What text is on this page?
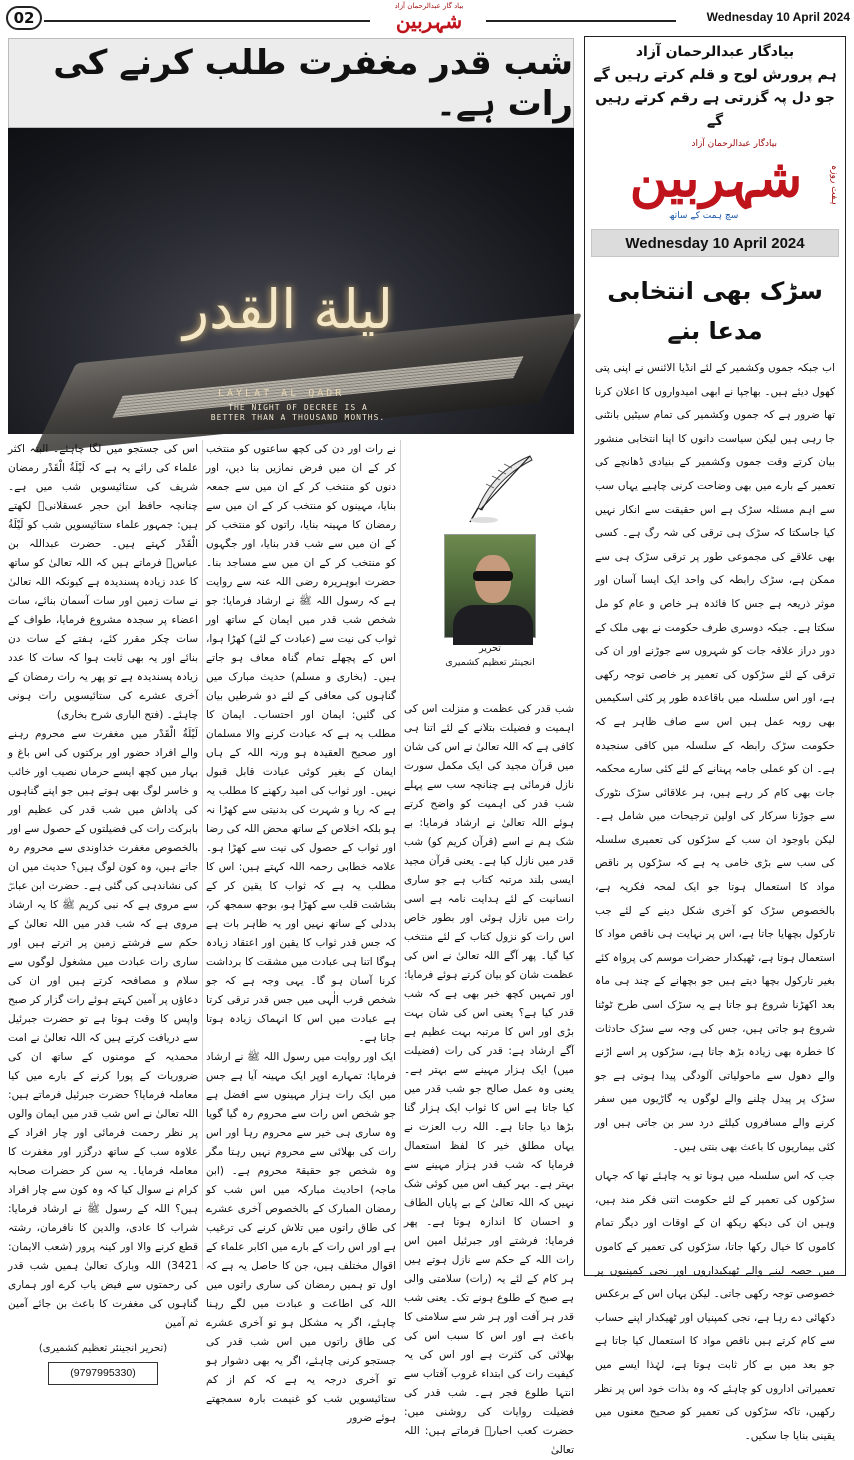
02
بیاد گار عبدالرحمان آزاد
شہربین	Wednesday 10 April 2024
شب قدر مغفرت طلب کرنے کی رات ہے۔
ليلة القدر
LAYLAT AL QADR
THE NIGHT OF DECREE IS A BETTER THAN A THOUSAND MONTHS.

اس کی جستجو میں لگا چاہئے۔ البتہ اکثر علماء کی رائے یہ ہے کہ لَیْلَةُ الْقَدْر رمضان شریف کی ستائیسویں شب میں ہے۔ چنانچہ حافظ ابن حجر عسقلانیؒ لکھتے ہیں: جمہور علماء ستائیسویں شب کو لَیْلَةُ الْقَدْر کہتے ہیں۔ حضرت عبداللہ بن عباسؓ فرماتے ہیں کہ اللہ تعالیٰ کو ساتھ کا عدد زیادہ پسندیدہ ہے کیونکہ اللہ تعالیٰ نے سات زمین اور سات آسمان بنائے، سات اعضاء پر سجدہ مشروع فرمایا، طواف کے سات چکر مقرر کئے، ہفتے کے سات دن بنائے اور یہ بھی ثابت ہوا کہ سات کا عدد زیادہ پسندیدہ ہے تو پھر یہ رات رمضان کے آخری عشرے کی ستائیسویں رات ہونی چاہئے۔ (فتح الباری شرح بخاری)

لَیْلَةُ الْقَدْر میں مغفرت سے محروم رہنے والے افراد حضور اور برکتوں کی اس باغ و بہار میں کچھ ایسے حرماں نصیب اور خائب و خاسر لوگ بھی ہوتے ہیں جو اپنے گناہوں کی پاداش میں شب قدر کی عظیم اور بابرکت رات کی فضیلتوں کے حصول سے اور بالخصوص مغفرت خداوندی سے محروم رہ جاتے ہیں، وہ کون لوگ ہیں؟ حدیث میں ان کی نشاندہی کی گئی ہے۔ حضرت ابن عباسؓ سے مروی ہے کہ نبی کریم ﷺ کا یہ ارشاد مروی ہے کہ شب قدر میں اللہ تعالیٰ کے حکم سے فرشتے زمین پر اترتے ہیں اور ساری رات عبادت میں مشغول لوگوں سے سلام و مصافحہ کرتے ہیں اور ان کی دعاؤں پر آمین کہتے ہوئے رات گزار کر صبح واپس کا وقت ہوتا ہے تو حضرت جبرئیل سے دریافت کرتے ہیں کہ اللہ تعالیٰ نے امت محمدیہ کے مومنوں کے ساتھ ان کی ضروریات کے پورا کرنے کے بارے میں کیا معاملہ فرمایا؟ حضرت جبرئیل فرماتے ہیں: اللہ تعالیٰ نے اس شب قدر میں ایمان والوں پر نظر رحمت فرمائی اور چار افراد کے علاوہ سب کے ساتھ درگزر اور مغفرت کا معاملہ فرمایا۔ یہ سن کر حضرات صحابہ کرام نے سوال کیا کہ وہ کون سے چار افراد ہیں؟ اللہ کے رسول ﷺ نے ارشاد فرمایا: شراب کا عادی، والدین کا نافرمان، رشتہ قطع کرنے والا اور کینہ پرور (شعب الایمان: 3421) اللہ وبارک تعالیٰ ہمیں شب قدر کی رحمتوں سے فیض یاب کرے اور ہماری گناہوں کی مغفرت کا باعث بن جائے آمین ثم آمین

(تحریر انجینئر تعظیم کشمیری)
(9797995330)

نے رات اور دن کی کچھ ساعتوں کو منتخب کر کے ان میں فرض نمازیں بنا دیں، اور دنوں کو منتخب کر کے ان میں سے جمعہ بنایا، مہینوں کو منتخب کر کے ان میں سے رمضان کا مہینہ بنایا، راتوں کو منتخب کر کے ان میں سے شب قدر بنایا، اور جگہوں کو منتخب کر کے ان میں سے مساجد بنا۔ حضرت ابوہریرہ رضی اللہ عنہ سے روایت ہے کہ رسول اللہ ﷺ نے ارشاد فرمایا: جو شخص شب قدر میں ایمان کے ساتھ اور ثواب کی نیت سے (عبادت کے لئے) کھڑا ہوا، اس کے پچھلے تمام گناہ معاف ہو جاتے ہیں۔ (بخاری و مسلم) حدیث مبارک میں گناہوں کی معافی کے لئے دو شرطیں بیان کی گئیں: ایمان اور احتساب۔ ایمان کا مطلب یہ ہے کہ عبادت کرنے والا مسلمان اور صحیح العقیدہ ہو ورنہ اللہ کے ہاں ایمان کے بغیر کوئی عبادت قابل قبول نہیں۔ اور ثواب کی امید رکھنے کا مطلب یہ ہے کہ ریا و شہرت کی بدنیتی سے کھڑا نہ ہو بلکہ اخلاص کے ساتھ محض اللہ کی رضا اور ثواب کے حصول کی نیت سے کھڑا ہو۔ علامہ خطابی رحمہ اللہ کہتے ہیں: اس کا مطلب یہ ہے کہ ثواب کا یقین کر کے بشاشت قلب سے کھڑا ہو، بوجھ سمجھ کر، بددلی کے ساتھ نہیں اور یہ ظاہر بات ہے کہ جس قدر ثواب کا یقین اور اعتقاد زیادہ ہوگا اتنا ہی عبادت میں مشقت کا برداشت کرنا آسان ہو گا۔ یہی وجہ ہے کہ جو شخص قرب الٰہی میں جس قدر ترقی کرتا ہے عبادت میں اس کا انہماک زیادہ ہوتا جاتا ہے۔

ایک اور روایت میں رسول اللہ ﷺ نے ارشاد فرمایا: تمہارے اوپر ایک مہینہ آیا ہے جس میں ایک رات ہزار مہینوں سے افضل ہے جو شخص اس رات سے محروم رہ گیا گویا وہ ساری ہی خیر سے محروم رہا اور اس رات کی بھلائی سے محروم نہیں رہتا مگر وہ شخص جو حقیقۃ محروم ہے۔ (ابن ماجہ) احادیث مبارکہ میں اس شب کو رمضان المبارک کے بالخصوص آخری عشرے کی طاق راتوں میں تلاش کرنے کی ترغیب ہے اور اس رات کے بارے میں اکابر علماء کے اقوال مختلف ہیں، جن کا حاصل یہ ہے کہ اول تو ہمیں رمضان کی ساری راتوں میں اللہ کی اطاعت و عبادت میں لگے رہنا چاہئے، اگر یہ مشکل ہو تو آخری عشرے کی طاق راتوں میں اس شب قدر کی جستجو کرنی چاہئے، اگر یہ بھی دشوار ہو تو آخری درجہ یہ ہے کہ کم از کم ستائیسویں شب کو غنیمت بارہ سمجھتے ہوئے ضرور

تحریر
انجینئر تعظیم کشمیری

شب قدر کی عظمت و منزلت اس کی اہمیت و فضیلت بتلانے کے لئے اتنا ہی کافی ہے کہ اللہ تعالیٰ نے اس کی شان میں قرآن مجید کی ایک مکمل سورت نازل فرمائی ہے چنانچہ سب سے پہلے شب قدر کی اہمیت کو واضح کرتے ہوئے اللہ تعالیٰ نے ارشاد فرمایا: بے شک ہم نے اسے (قرآن کریم کو) شب قدر میں نازل کیا ہے۔ یعنی قرآن مجید ایسی بلند مرتبہ کتاب ہے جو ساری انسانیت کے لئے ہدایت نامہ ہے اسی رات میں نازل ہوئی اور بطور خاص اس رات کو نزول کتاب کے لئے منتخب کیا گیا۔ پھر آگے اللہ تعالیٰ نے اس کی عظمت شان کو بیان کرتے ہوئے فرمایا: اور تمہیں کچھ خبر بھی ہے کہ شب قدر کیا ہے؟ یعنی اس کی شان بہت بڑی اور اس کا مرتبہ بہت عظیم ہے آگے ارشاد ہے: قدر کی رات (فضیلت میں) ایک ہزار مہینے سے بہتر ہے۔ یعنی وہ عمل صالح جو شب قدر میں کیا جاتا ہے اس کا ثواب ایک ہزار گنا بڑھا دیا جاتا ہے۔ اللہ رب العزت نے یہاں مطلق خیر کا لفظ استعمال فرمایا کہ شب قدر ہزار مہینے سے بہتر ہے۔ بہر کیف اس میں کوئی شک نہیں کہ اللہ تعالیٰ کے بے پایاں الطاف و احسان کا اندازہ ہوتا ہے۔ پھر فرمایا: فرشتے اور جبرئیل امین اس رات اللہ کے حکم سے نازل ہوتے ہیں ہر کام کے لئے یہ (رات) سلامتی والی ہے صبح کے طلوع ہونے تک۔ یعنی شب قدر ہر آفت اور ہر شر سے سلامتی کا باعث ہے اور اس کا سبب اس کی بھلائی کی کثرت ہے اور اس کی یہ کیفیت رات کی ابتداء غروب آفتاب سے انتہا طلوع فجر ہے۔ شب قدر کی فضیلت روایات کی روشنی میں: حضرت کعب احبارؓ فرماتے ہیں: اللہ تعالیٰ

بیادگار عبدالرحمان آزاد
ہم پرورش لوح و قلم کرتے رہیں گے
جو دل پہ گزرتی ہے رقم کرتے رہیں گے
بیادگار عبدالرحمان آزاد
شہربین	ہفت روزہ
سچ ہمت کے ساتھ
Wednesday 10 April 2024
سڑک بھی انتخابی مدعا بنے

اب جبکہ جموں وکشمیر کے لئے انڈیا الائنس نے اپنی پتی کھول دیئے ہیں۔ بھاجپا نے ابھی امیدواروں کا اعلان کرنا تھا ضرور ہے کہ جموں وکشمیر کی تمام سیٹیں بانٹنی جا رہی ہیں لیکن سیاست دانوں کا اپنا انتخابی منشور بیان کرتے وقت جموں وکشمیر کے بنیادی ڈھانچے کی تعمیر کے بارے میں بھی وضاحت کرنی چاہیے یہاں سب سے اہم مسئلہ سڑک ہے اس حقیقت سے انکار نہیں کیا جاسکتا کہ سڑک ہی ترقی کی شہ رگ ہے۔ کسی بھی علاقے کی مجموعی طور پر ترقی سڑک ہی سے ممکن ہے، سڑک رابطہ کی واحد ایک ایسا آسان اور موثر ذریعہ ہے جس کا فائدہ ہر خاص و عام کو مل سکتا ہے۔ جبکہ دوسری طرف حکومت نے بھی ملک کے دور دراز علاقہ جات کو شہروں سے جوڑنے اور ان کی ترقی کے لئے سڑکوں کی تعمیر پر خاصی توجہ رکھی ہے، اور اس سلسلہ میں باقاعدہ طور پر کئی اسکیمیں بھی روبہ عمل ہیں اس سے صاف ظاہر ہے کہ حکومت سڑک رابطہ کے سلسلہ میں کافی سنجیدہ ہے۔ ان کو عملی جامہ پہنانے کے لئے کئی سارے محکمہ جات بھی کام کر رہے ہیں، ہر علاقائی سڑک نٹورک سے جوڑنا سرکار کی اولین ترجیحات میں شامل ہے۔ لیکن باوجود ان سب کے سڑکوں کی تعمیری سلسلہ کی سب سے بڑی خامی یہ ہے کہ سڑکوں پر ناقص مواد کا استعمال ہوتا جو ایک لمحہ فکریہ ہے، بالخصوص سڑک کو آخری شکل دینے کے لئے جب تارکول بچھایا جاتا ہے، اس پر نہایت ہی ناقص مواد کا استعمال ہوتا ہے، ٹھیکدار حضرات موسم کی پرواہ کئے بغیر تارکول بچھا دیتے ہیں جو بچھانے کے چند ہی ماہ بعد اکھڑنا شروع ہو جاتا ہے یہ سڑک اسی طرح ٹوٹنا شروع ہو جاتی ہیں، جس کی وجہ سے سڑک حادثات کا خطرہ بھی زیادہ بڑھ جاتا ہے، سڑکوں پر اسے اڑنے والے دھول سے ماحولیاتی آلودگی پیدا ہوتی ہے جو سڑک پر پیدل چلنے والے لوگوں یہ گاڑیوں میں سفر کرنے والے مسافروں کیلئے درد سر بن جاتی ہیں اور کئی بیماریوں کا باعث بھی بنتی ہیں۔

جب کہ اس سلسلہ میں ہونا تو یہ چاہئے تھا کہ جہاں سڑکوں کی تعمیر کے لئے حکومت اتنی فکر مند ہیں، وہیں ان کی دیکھ ریکھ ان کے اوقات اور دیگر تمام کاموں کا خیال رکھا جاتا، سڑکوں کی تعمیر کے کاموں میں حصہ لینے والے ٹھیکیداروں اور نجی کمپنیوں پر خصوصی توجہ رکھی جاتی۔ لیکن یہاں اس کے برعکس دکھائی دے رہا ہے، نجی کمپنیاں اور ٹھیکدار اپنے حساب سے کام کرتے ہیں ناقص مواد کا استعمال کیا جاتا ہے جو بعد میں بے کار ثابت ہوتا ہے، لہٰذا ایسے میں تعمیراتی اداروں کو چاہئے کہ وہ بذات خود اس پر نظر رکھیں، تاکہ سڑکوں کی تعمیر کو صحیح معنوں میں یقینی بنایا جا سکیں۔
